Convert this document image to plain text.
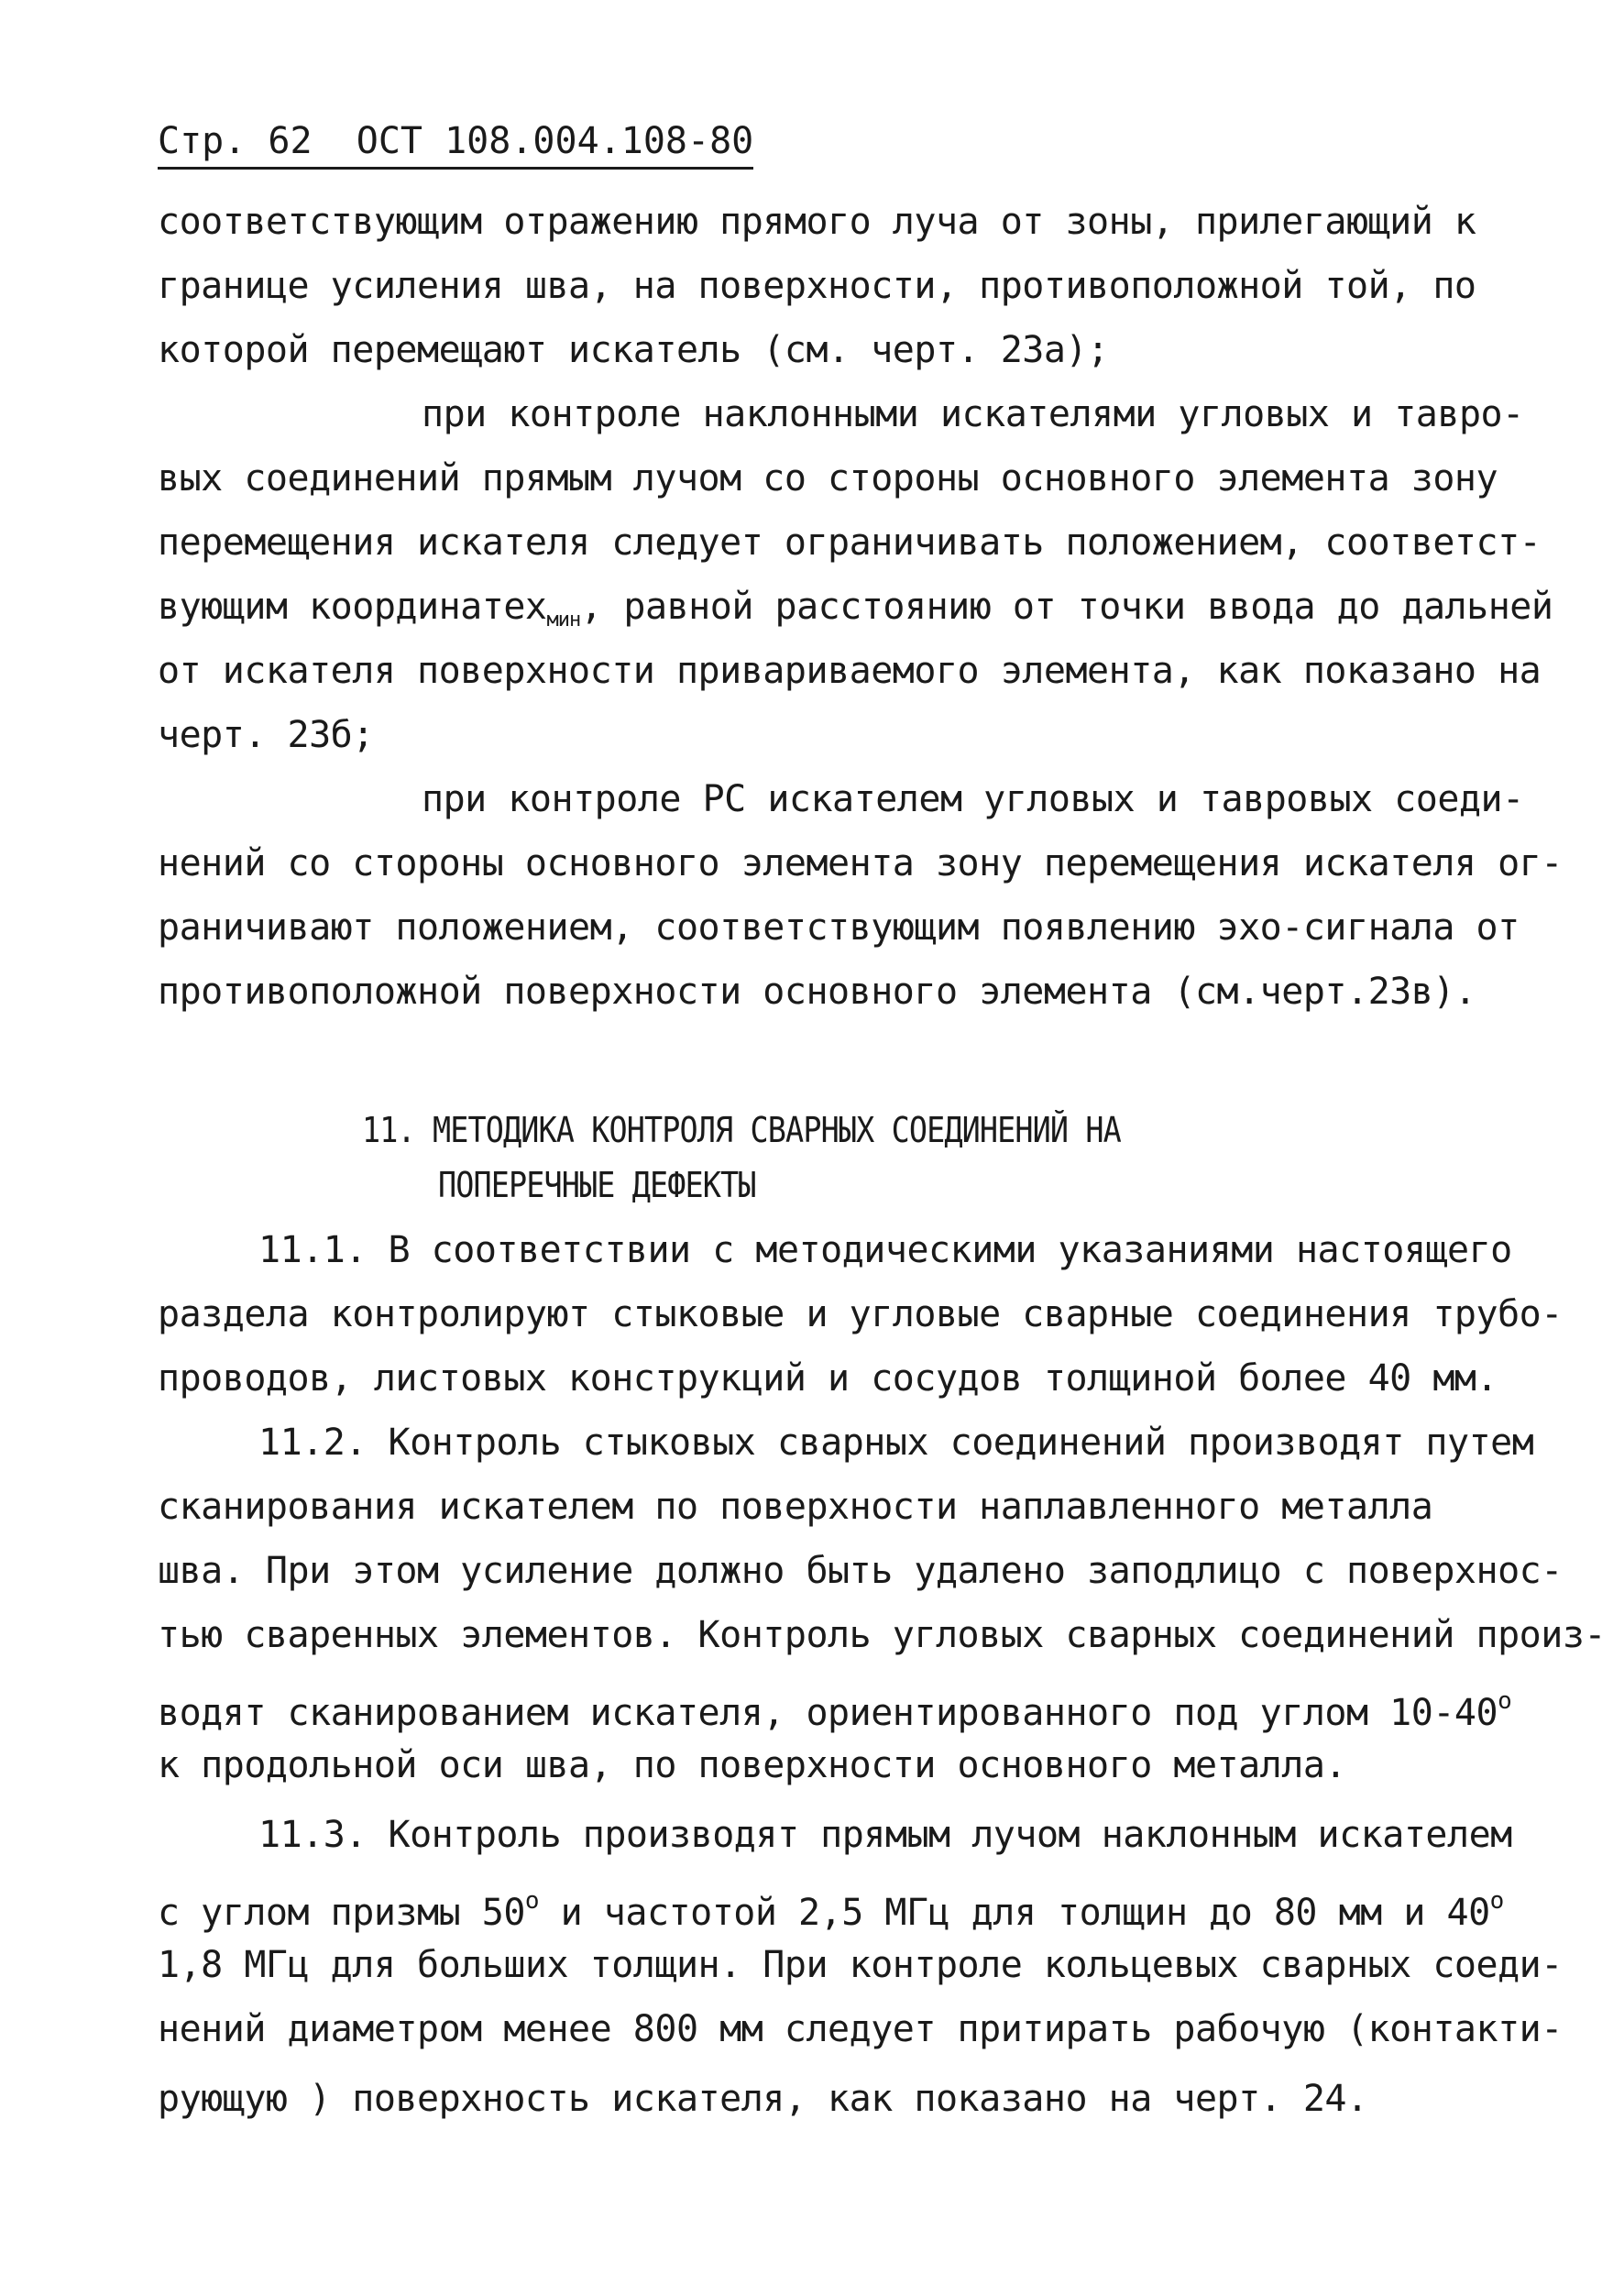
Стр. 62 ОСТ 108.004.108-80
соответствующим отражению прямого луча от зоны, прилегающий к
границе усиления шва, на поверхности, противоположной той, по
которой перемещают искатель (см. черт. 23а);
при контроле наклонными искателями угловых и тавро-
вых соединений прямым лучом со стороны основного элемента зону
перемещения искателя следует ограничивать положением, соответст-
вующим координатеx$_{мин}$, равной расстоянию от точки ввода до дальней
от искателя поверхности привариваемого элемента, как показано на
черт. 23б;
при контроле РС искателем угловых и тавровых соеди-
нений со стороны основного элемента зону перемещения искателя ог-
раничивают положением, соответствующим появлению эхо-сигнала от
противоположной поверхности основного элемента (см.черт.23в).
11. МЕТОДИКА КОНТРОЛЯ СВАРНЫХ СОЕДИНЕНИЙ НА
ПОПЕРЕЧНЫЕ ДЕФЕКТЫ
11.1. В соответствии с методическими указаниями настоящего
раздела контролируют стыковые и угловые сварные соединения трубо-
проводов, листовых конструкций и сосудов толщиной более 40 мм.
11.2. Контроль стыковых сварных соединений производят путем
сканирования искателем по поверхности наплавленного металла
шва. При этом усиление должно быть удалено заподлицо с поверхнос-
тью сваренных элементов. Контроль угловых сварных соединений произ-
водят сканированием искателя, ориентированного под углом $10-40^о$
к продольной оси шва, по поверхности основного металла.
11.3. Контроль производят прямым лучом наклонным искателем
с углом призмы $50^о$ и частотой 2,5 МГц для толщин до 80 мм и $40^о$
1,8 МГц для больших толщин. При контроле кольцевых сварных соеди-
нений диаметром менее 800 мм следует притирать рабочую (контакти-
рующую ) поверхность искателя, как показано на черт. 24.
